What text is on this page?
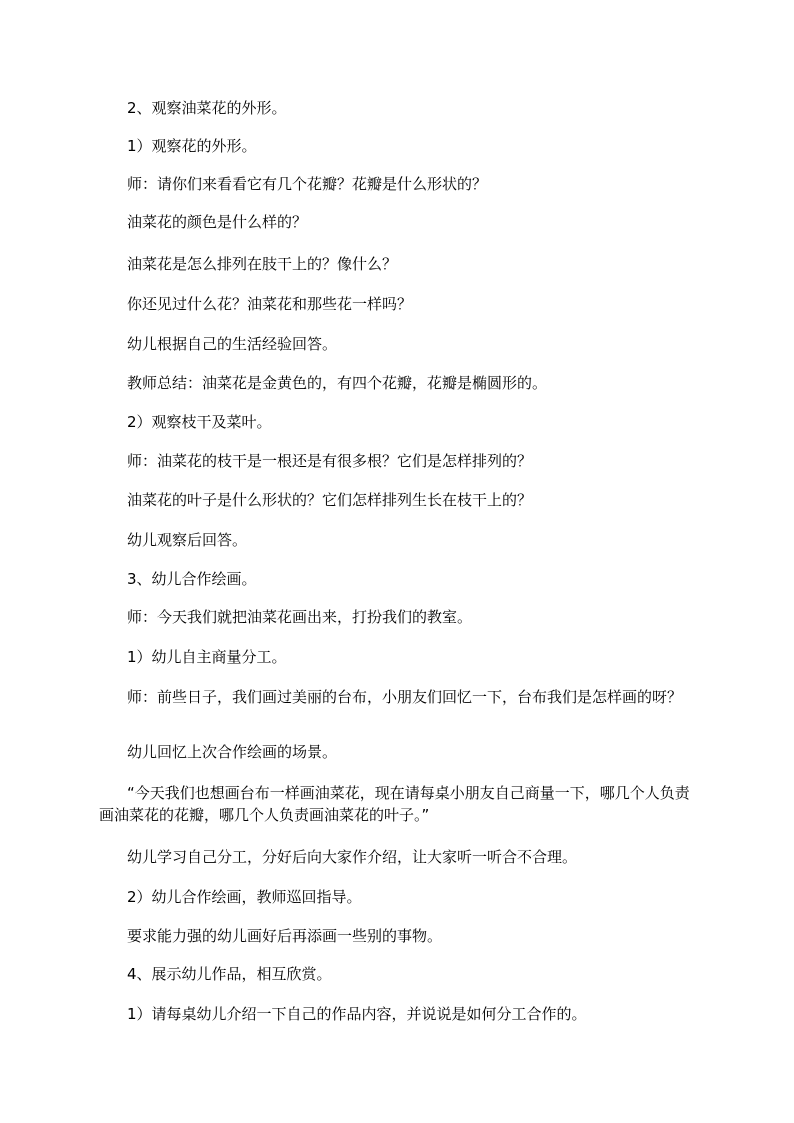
2、观察油菜花的外形。

1）观察花的外形。

师：请你们来看看它有几个花瓣？花瓣是什么形状的？

油菜花的颜色是什么样的？

油菜花是怎么排列在肢干上的？像什么？

你还见过什么花？油菜花和那些花一样吗？

幼儿根据自己的生活经验回答。

教师总结：油菜花是金黄色的，有四个花瓣，花瓣是椭圆形的。

2）观察枝干及菜叶。

师：油菜花的枝干是一根还是有很多根？它们是怎样排列的？

油菜花的叶子是什么形状的？它们怎样排列生长在枝干上的？

幼儿观察后回答。

3、幼儿合作绘画。

师：今天我们就把油菜花画出来，打扮我们的教室。

1）幼儿自主商量分工。

师：前些日子，我们画过美丽的台布，小朋友们回忆一下，台布我们是怎样画的呀？

幼儿回忆上次合作绘画的场景。

“今天我们也想画台布一样画油菜花，现在请每桌小朋友自己商量一下，哪几个人负责画油菜花的花瓣，哪几个人负责画油菜花的叶子。”

幼儿学习自己分工，分好后向大家作介绍，让大家听一听合不合理。

2）幼儿合作绘画，教师巡回指导。

要求能力强的幼儿画好后再添画一些别的事物。

4、展示幼儿作品，相互欣赏。

1）请每桌幼儿介绍一下自己的作品内容，并说说是如何分工合作的。
